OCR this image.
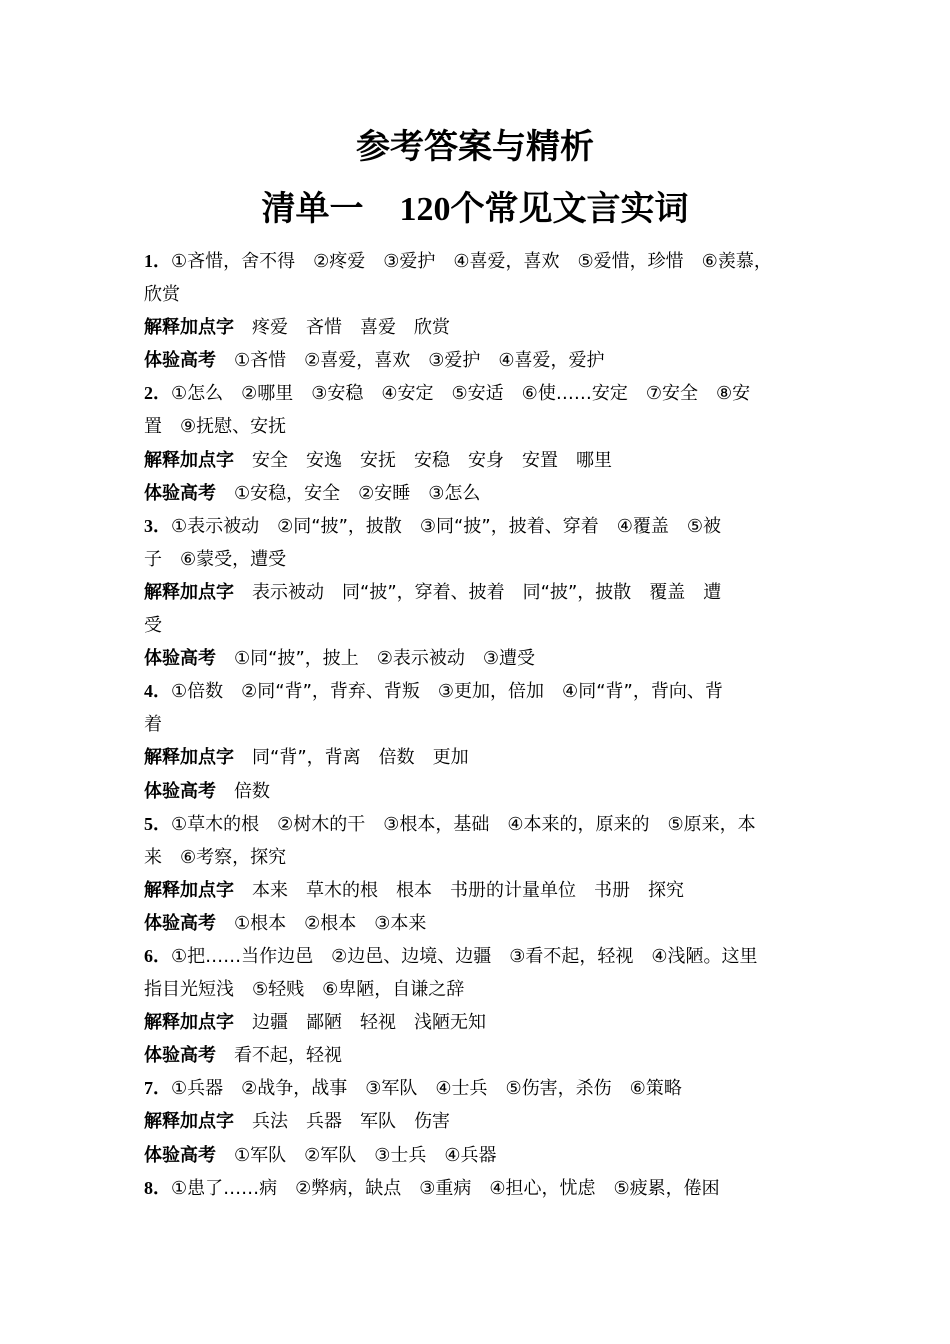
参考答案与精析
清单一 120个常见文言实词
1．①吝惜，舍不得　②疼爱　③爱护　④喜爱，喜欢　⑤爱惜，珍惜　⑥羡慕，
欣赏
解释加点字　疼爱　吝惜　喜爱　欣赏
体验高考　①吝惜　②喜爱，喜欢　③爱护　④喜爱，爱护
2．①怎么　②哪里　③安稳　④安定　⑤安适　⑥使……安定　⑦安全　⑧安
置　⑨抚慰、安抚
解释加点字　安全　安逸　安抚　安稳　安身　安置　哪里
体验高考　①安稳，安全　②安睡　③怎么
3．①表示被动　②同“披”，披散　③同“披”，披着、穿着　④覆盖　⑤被
子　⑥蒙受，遭受
解释加点字　表示被动　同“披”，穿着、披着　同“披”，披散　覆盖　遭
受
体验高考　①同“披”，披上　②表示被动　③遭受
4．①倍数　②同“背”，背弃、背叛　③更加，倍加　④同“背”，背向、背
着
解释加点字　同“背”，背离　倍数　更加
体验高考　倍数
5．①草木的根　②树木的干　③根本，基础　④本来的，原来的　⑤原来，本
来　⑥考察，探究
解释加点字　本来　草木的根　根本　书册的计量单位　书册　探究
体验高考　①根本　②根本　③本来
6．①把……当作边邑　②边邑、边境、边疆　③看不起，轻视　④浅陋。这里
指目光短浅　⑤轻贱　⑥卑陋，自谦之辞
解释加点字　边疆　鄙陋　轻视　浅陋无知
体验高考　看不起，轻视
7．①兵器　②战争，战事　③军队　④士兵　⑤伤害，杀伤　⑥策略
解释加点字　兵法　兵器　军队　伤害
体验高考　①军队　②军队　③士兵　④兵器
8．①患了……病　②弊病，缺点　③重病　④担心，忧虑　⑤疲累，倦困
